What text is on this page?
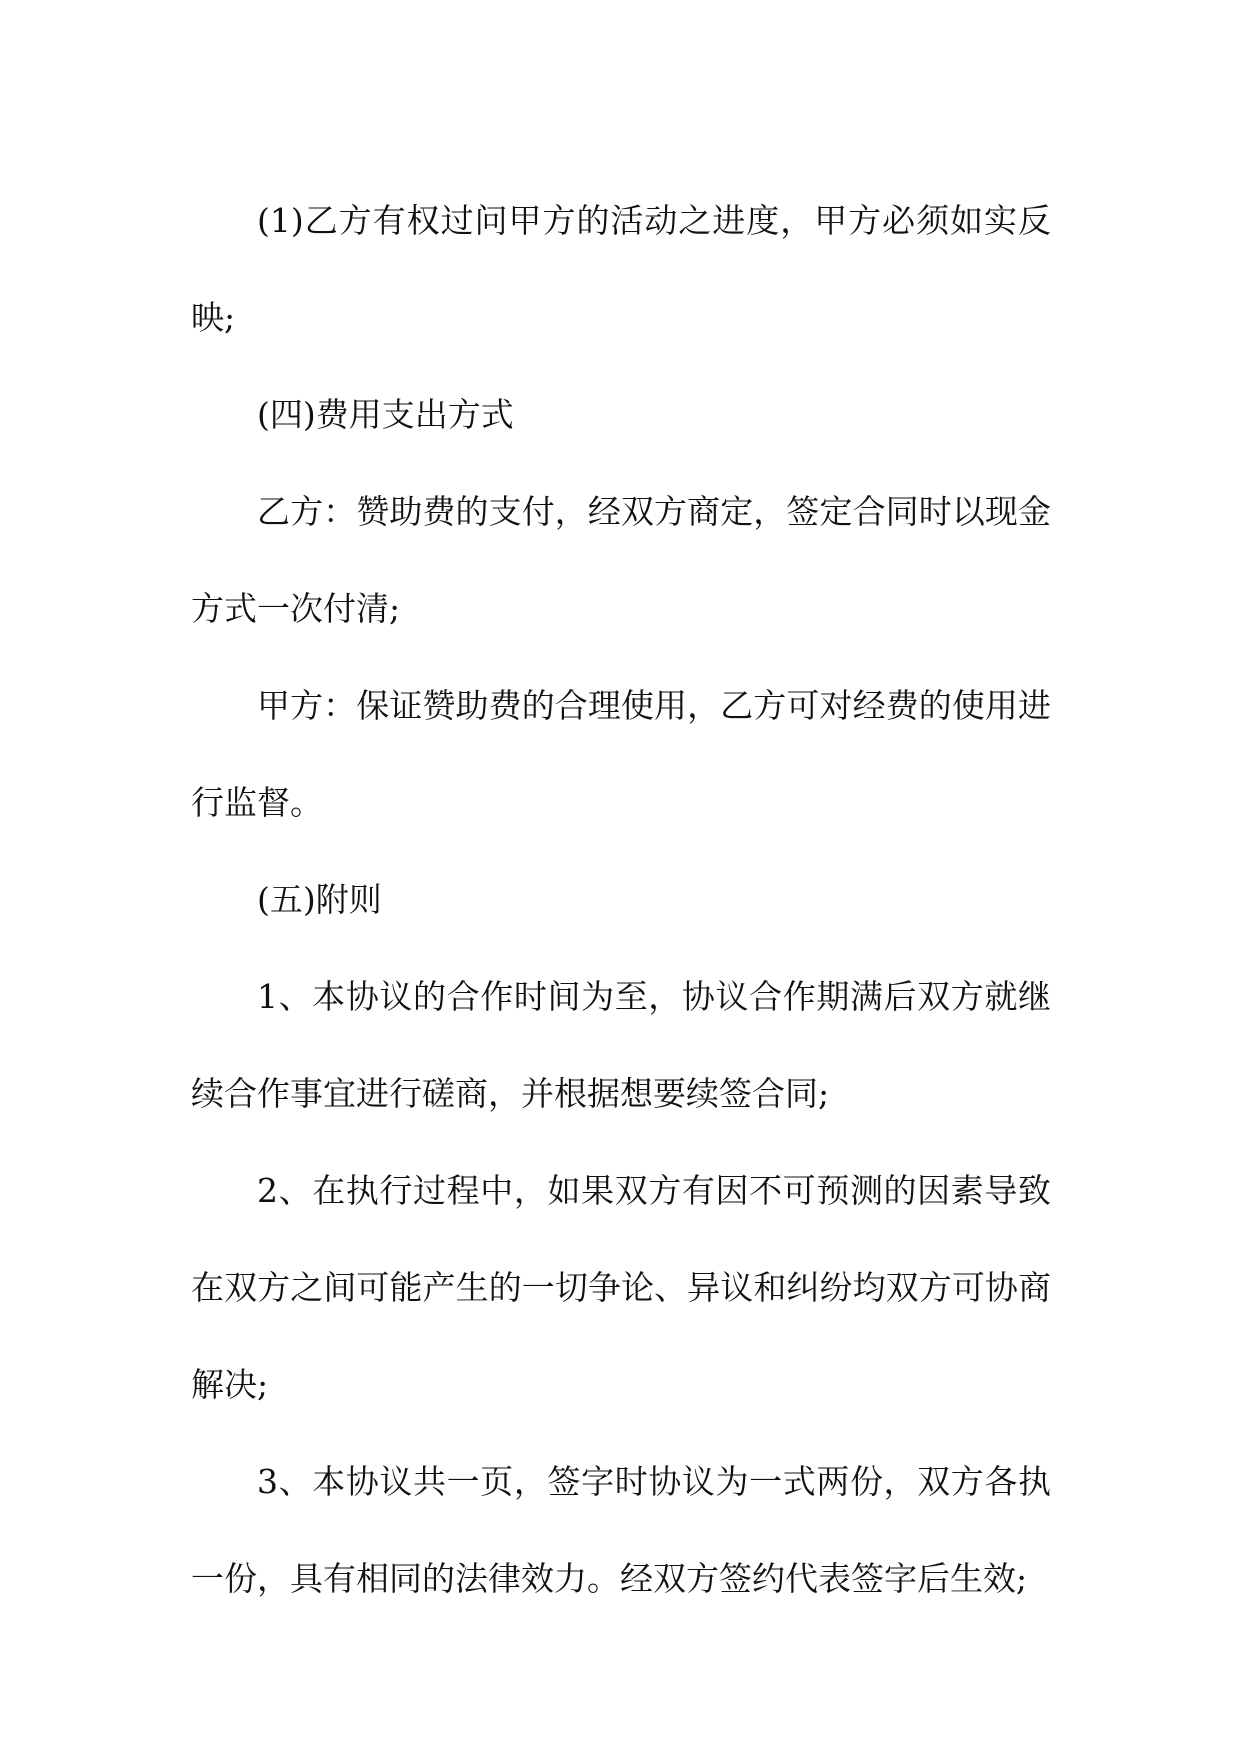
(1)乙方有权过问甲方的活动之进度，甲方必须如实反映;

(四)费用支出方式

乙方：赞助费的支付，经双方商定，签定合同时以现金方式一次付清;

甲方：保证赞助费的合理使用，乙方可对经费的使用进行监督。

(五)附则

1、本协议的合作时间为至，协议合作期满后双方就继续合作事宜进行磋商，并根据想要续签合同;

2、在执行过程中，如果双方有因不可预测的因素导致在双方之间可能产生的一切争论、异议和纠纷均双方可协商解决;

3、本协议共一页，签字时协议为一式两份，双方各执一份，具有相同的法律效力。经双方签约代表签字后生效;
